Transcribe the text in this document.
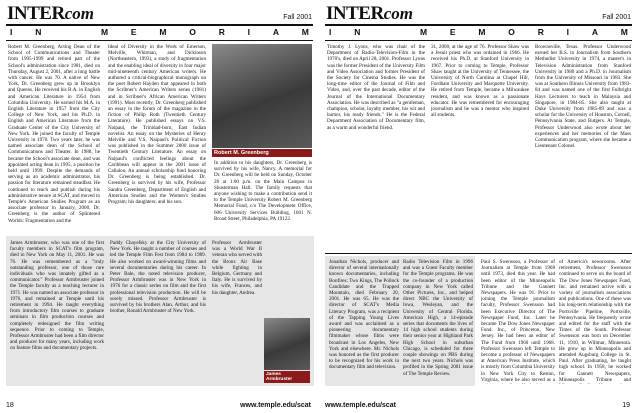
INTERcom	Fall 2001
I	N	M	E	M	O	R	I	A	M
Robert M. Greenberg, Acting Dean of the School of Communications and Theater from 1995-1999 and retired part of the School's administration since 1981, died on Thursday, August 2, 2001, after a long battle with cancer. He was 70. A native of New York, Dr. Greenberg grew up in Brooklyn and Queens. He received his B.A. in English and American Literature in 1954 from Columbia University. He earned his M.A. in English Literature in 1957 from the City College of New York, and his Ph.D. in English and American Literature from the Graduate Center of the City University of New York. He joined the faculty of Temple University in 1970. Two years later, he was named associate dean of the School of Communications and Theater. In 1988, he became the School's associate dean, and was appointed acting dean in 1995, a position he held until 1999. Despite the demands of serving as an academic administrator, his passion for literature remained steadfast. He continued to teach and publish during his administrative tenure at SCAT, and moved to Temple's American Studies Program as an associate professor in January, 2000. Dr. Greenberg is the author of Splintered Worlds: Fragmentation and the
Ideal of Diversity in the Work of Emerson, Melville, Whitman, and Dickinson (Northeastern, 1993), a study of fragmentation and the enabling ideal of diversity in four major mid-nineteenth century American writers. He authored a critical-biographical monograph on the poet Robert Hayden that appeared in both the Scribner's American Writers series (1981) and in Scribner's African American Writers (1991). Most recently, Dr. Greenberg published an essay in the forum of the magazine in the fiction of Philip Roth (Twentieth Century Literature). He published essays on V.S. Naipaul, the Trinidad-born, East Indian novelist. An essay on the Mysteries of Henry Melville and V.S. Naipaul's Political Fiction was published in the Summer 2000 issue of Twentieth Century Literature. An essay on Naipaul's conflicted feelings about the Caribbean will appear in the 2001 issue of Callaloo. An annual scholarship fund honoring Dr. Greenberg is being established. Dr. Greenberg is survived by his wife, Professor Sandra Greenberg, Department of English and American Studies and the Women's Studies Program; his daughters; and his son.
Robert M. Greenberg
In addition to his daughters, Dr. Greenberg is survived by his wife, Nancy. A memorial for Dr. Greenberg will be held on Sunday, October 28 at 1:00 p.m. on the Main Campus in Shusterman Hall. The family requests that anyone wishing to make a contribution send it to the Temple University Robert M. Greenberg Memorial Fund, c/o The Development Office, 606 University Services Building, 1601 N. Broad Street, Philadelphia, PA 19122.
James Armbruster, who was one of the first faculty members in SCAT's film program, died in New York on May 11, 2001. He was 76. He was remembered as a "truly outstanding professor, one of those rare individuals who was innately gifted as a communicator." Professor Armbruster joined the Temple faculty as a teaching lecturer in 1971. He was named an associate professor in 1976, and remained at Temple until his retirement in 1994. He taught everything from introductory film courses to graduate seminars in film production courses and completely redesigned the film writing sequence. Prior to coming to Temple, Professor Armbruster had been a film director and producer for many years, including work on feature films and documentary projects.
Paddy Chayefsky at the City University of New York. He taught a number of courses and led the Temple Film Fest from 1984 to 1989. He also worked on award-winning films and several documentaries during his career. In Peter Bale, the noted television producer, Professor Armbruster was in New York in 1976 for a classic series on film and the first professional television production. He will be sorely missed. Professor Armbruster is survived by his brothers Alan, Arthur, and his brother, Ronald Armbruster of New York.
Professor Armbruster was a World War II veteran who served with the Bronx Air Base while fighting in Belgium, Germany and Italy. He is survived by his wife, Frances, and his daughter, Andrea.
James Armbruster
18	www.temple.edu/scat
INTERcom	Fall 2001
I	N	M	E	M	O	R	I	A	M
Timothy J. Lyons, who was chair of the Department of Radio-Television-Film in the 1970's, died on April 28, 2001. Professor Lyons was the former President of the University Film and Video Association and former President of the Society for Cinema Studies. He was the long-time editor of the Journal of Film and Video, and, over the past decade, editor of the Journal of the International Documentary Association. He was described as "a gentleman, champion, scholar, loyalty member, his wit and humor, his ready friends." He is the Federal Department Association of Documentary film, as a warm and wonderful friend.
31, 2000, at the age of 76. Professor Shaw was a Jesuit priest who was ordained in 1966. He received his Ph.D. at Stanford University in 1967. Prior to coming to Temple, Professor Shaw taught at the University of Tennessee, the University of North Carolina at Chapel Hill, Fordham University and Marquette University. He retired from Temple, became a Milwaukee resident, and was known as a passionate educator. He was remembered for encouraging journalism and he was a mentor who inspired all students.
Brownsville, Texas. Professor Underwood earned her B.S. in Journalism from Southern Methodist University in 1974, a master's in Television Administration from Stanford University in 1980 and a Ph.D. in Journalism from the University of Missouri in 1983. She was at Southern Illinois University from 1983-84 and was named one of the first Fulbright Hays Lecturers to teach in Malaysia and Singapore, in 1984-85. She also taught at Duke University from 1985-89 and was a scholar for the University of Houston, Cornell, Pennsylvania State, and Rutgers. At Temple, Professor Underwood also wrote about her experiences and her memories of the Mass Communication program, where she became a Lieutenant Colonel.
Jonathan Nichols, producer and director of several internationally known documentaries, including Bonfires: Two Kings, The Pollock Candidate and the Trapped Mountain, died February 20, 2001. He was 65. He was the director of SCAT's Media Literacy Program, was a recipient of the Tapping Young Lives award and was acclaimed as a pioneering documentary filmmaker whose films were broadcast in Los Angeles, New York and elsewhere. Mr. Nichols was honored as the first producer to be recognized for his work in documentary film and television.
Radio Television Film in 1996 and was a Guest Faculty member for the Temple programs. He was the co-founder of a production company in New York called Other Pictures, Inc., and helped direct NBC the University of Iowa, Wesleyan, and the University of Central Florida. American High, a 14-episode series that documents the lives of 14 high school students during their senior year at Highland Park High School in suburban Chicago, is scheduled for three couple showings on PBS during the next two years. Nichols was profiled in the Spring 2001 issue of The Temple Review.
Paul S. Swensson, a Professor of Journalism at Temple from 1968 until 1973, died this year. He had been editor of the Minneapolis Tribune and the Gannett Newspapers. He was 91. Prior to joining the Temple journalism faculty, Professor Swensson had been Executive Director of The Newspaper Fund, Inc. Later he became The Dow Jones Newspaper Fund. Inc., of Princeton, New Jersey. He had been an editor of The Fund from 1960 until 1968. Professor Swensson left Temple to become a professor of Newspapers at American Press Institute, which is mostly from Columbia University in New York City to Reston, Virginia, where he also served as a
of America's newsrooms. After retirement, Professor Swensson continued to serve on the board of The Dow Jones Newspaper Fund, Inc. and remained active with a variety of journalism associations and publications. One of these was his long-term relationship with the Portsville Pipeline, Portsville, Pennsylvania. He frequently wrote and edited for the staff with the Times of the South. Professor Swensson was born on December 11, 1910, in Willmar, Minnesota. He grew up in Minneapolis and attended Augsburg College in St. Paul. After graduating, he taught high school. In 1958, he worked for Gannett Newspapers, Minneapolis Tribune and
www.temple.edu/scat	19
